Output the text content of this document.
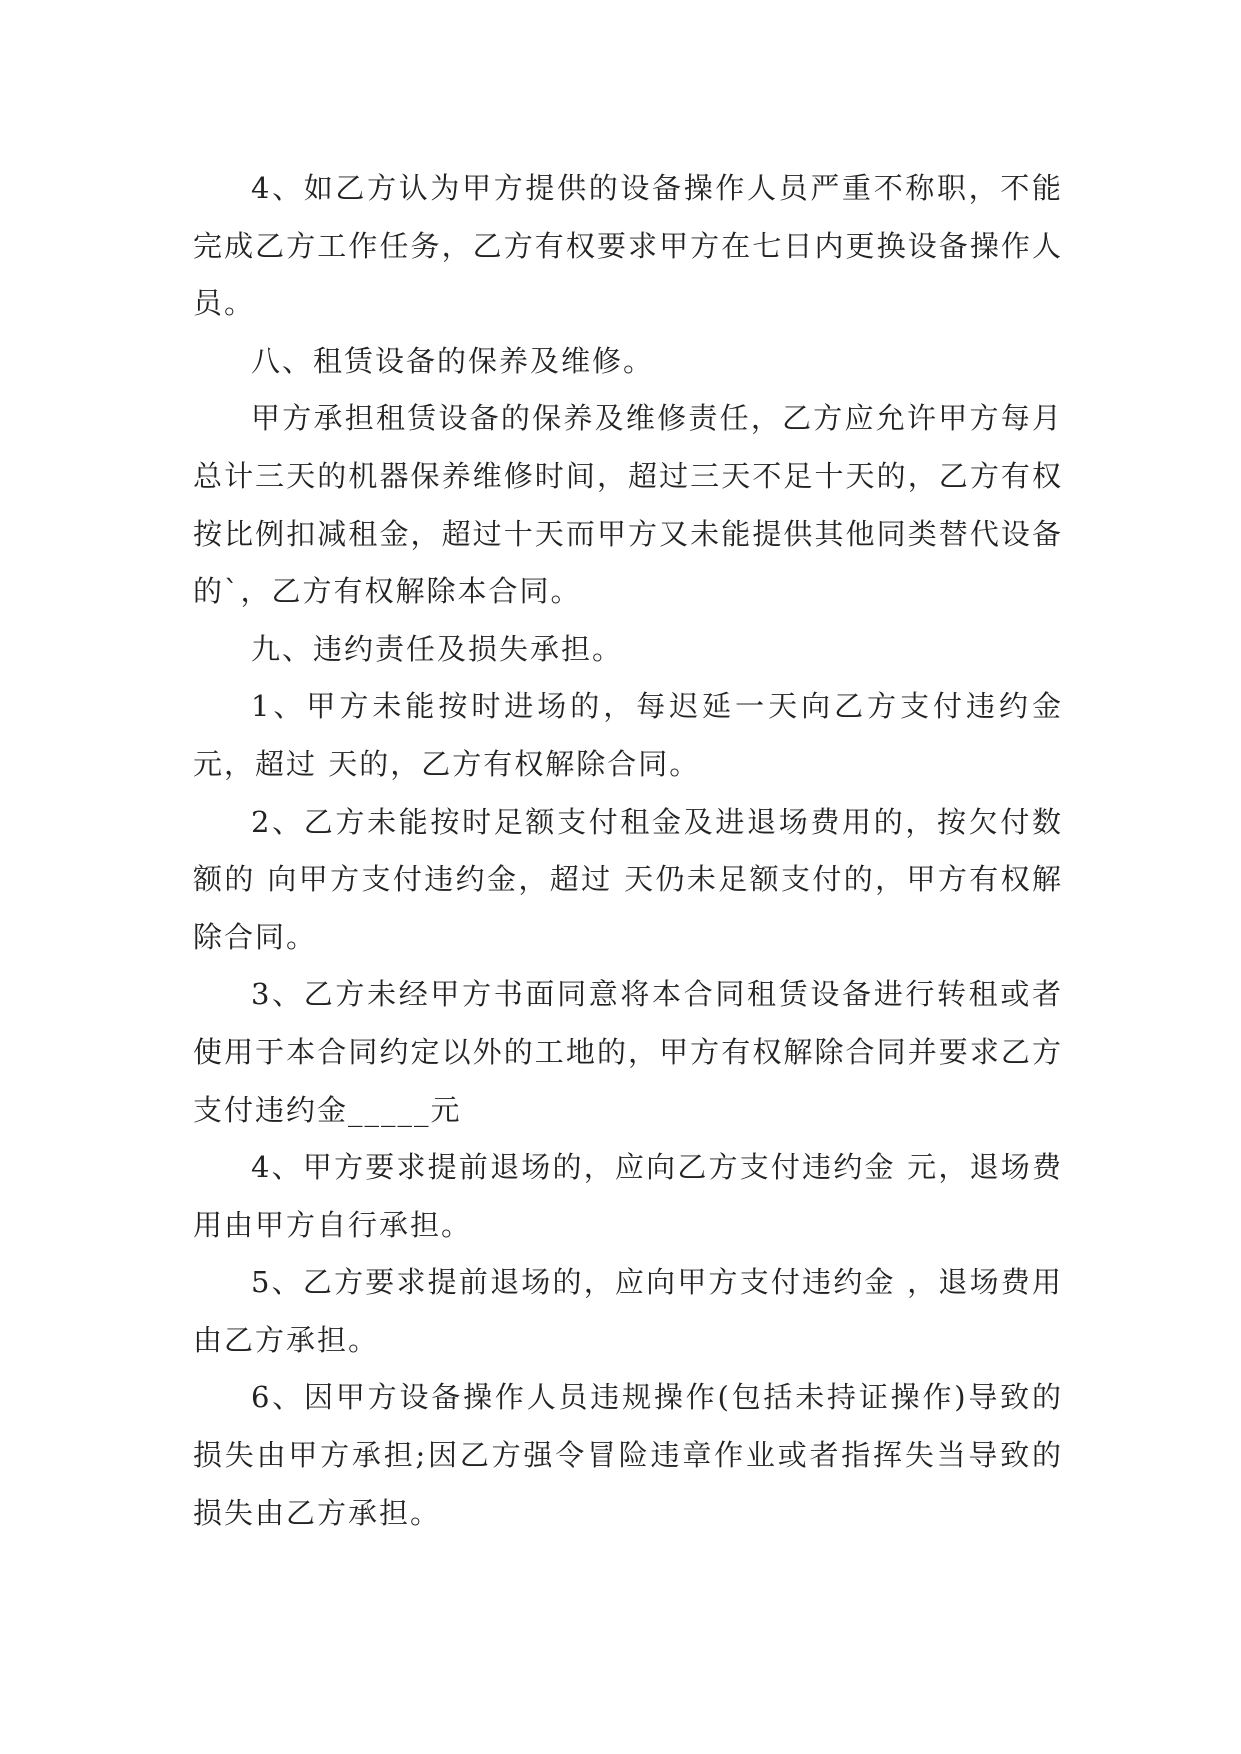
4、如乙方认为甲方提供的设备操作人员严重不称职，不能完成乙方工作任务，乙方有权要求甲方在七日内更换设备操作人员。

八、租赁设备的保养及维修。

甲方承担租赁设备的保养及维修责任，乙方应允许甲方每月总计三天的机器保养维修时间，超过三天不足十天的，乙方有权按比例扣减租金，超过十天而甲方又未能提供其他同类替代设备的`，乙方有权解除本合同。

九、违约责任及损失承担。

1、甲方未能按时进场的，每迟延一天向乙方支付违约金 元，超过 天的，乙方有权解除合同。

2、乙方未能按时足额支付租金及进退场费用的，按欠付数额的 向甲方支付违约金，超过 天仍未足额支付的，甲方有权解除合同。

3、乙方未经甲方书面同意将本合同租赁设备进行转租或者使用于本合同约定以外的工地的，甲方有权解除合同并要求乙方支付违约金_____元

4、甲方要求提前退场的，应向乙方支付违约金 元，退场费用由甲方自行承担。

5、乙方要求提前退场的，应向甲方支付违约金 ，退场费用由乙方承担。

6、因甲方设备操作人员违规操作(包括未持证操作)导致的损失由甲方承担;因乙方强令冒险违章作业或者指挥失当导致的损失由乙方承担。
